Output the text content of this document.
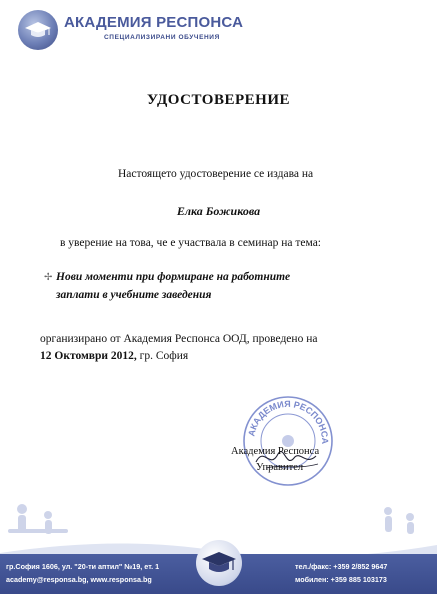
АКАДЕМИЯ РЕСПОНСА
СПЕЦИАЛИЗИРАНИ ОБУЧЕНИЯ
УДОСТОВЕРЕНИЕ
Настоящето удостоверение се издава на
Елка Божикова
в уверение на това, че е участвала в семинар на тема:
✢ Нови моменти при формиране на работните
заплати в учебните заведения
организирано от Академия Респонса ООД, проведено на
12 Октомври 2012, гр. София
АКАДЕМИЯ РЕСПОНСА
Академия Респонса
Управител
гр.София 1606, ул. "20-ти аптил" №19, ет. 1
academy@responsa.bg, www.responsa.bg
тел./факс: +359 2/852 9647
мобилен: +359 885 103173
